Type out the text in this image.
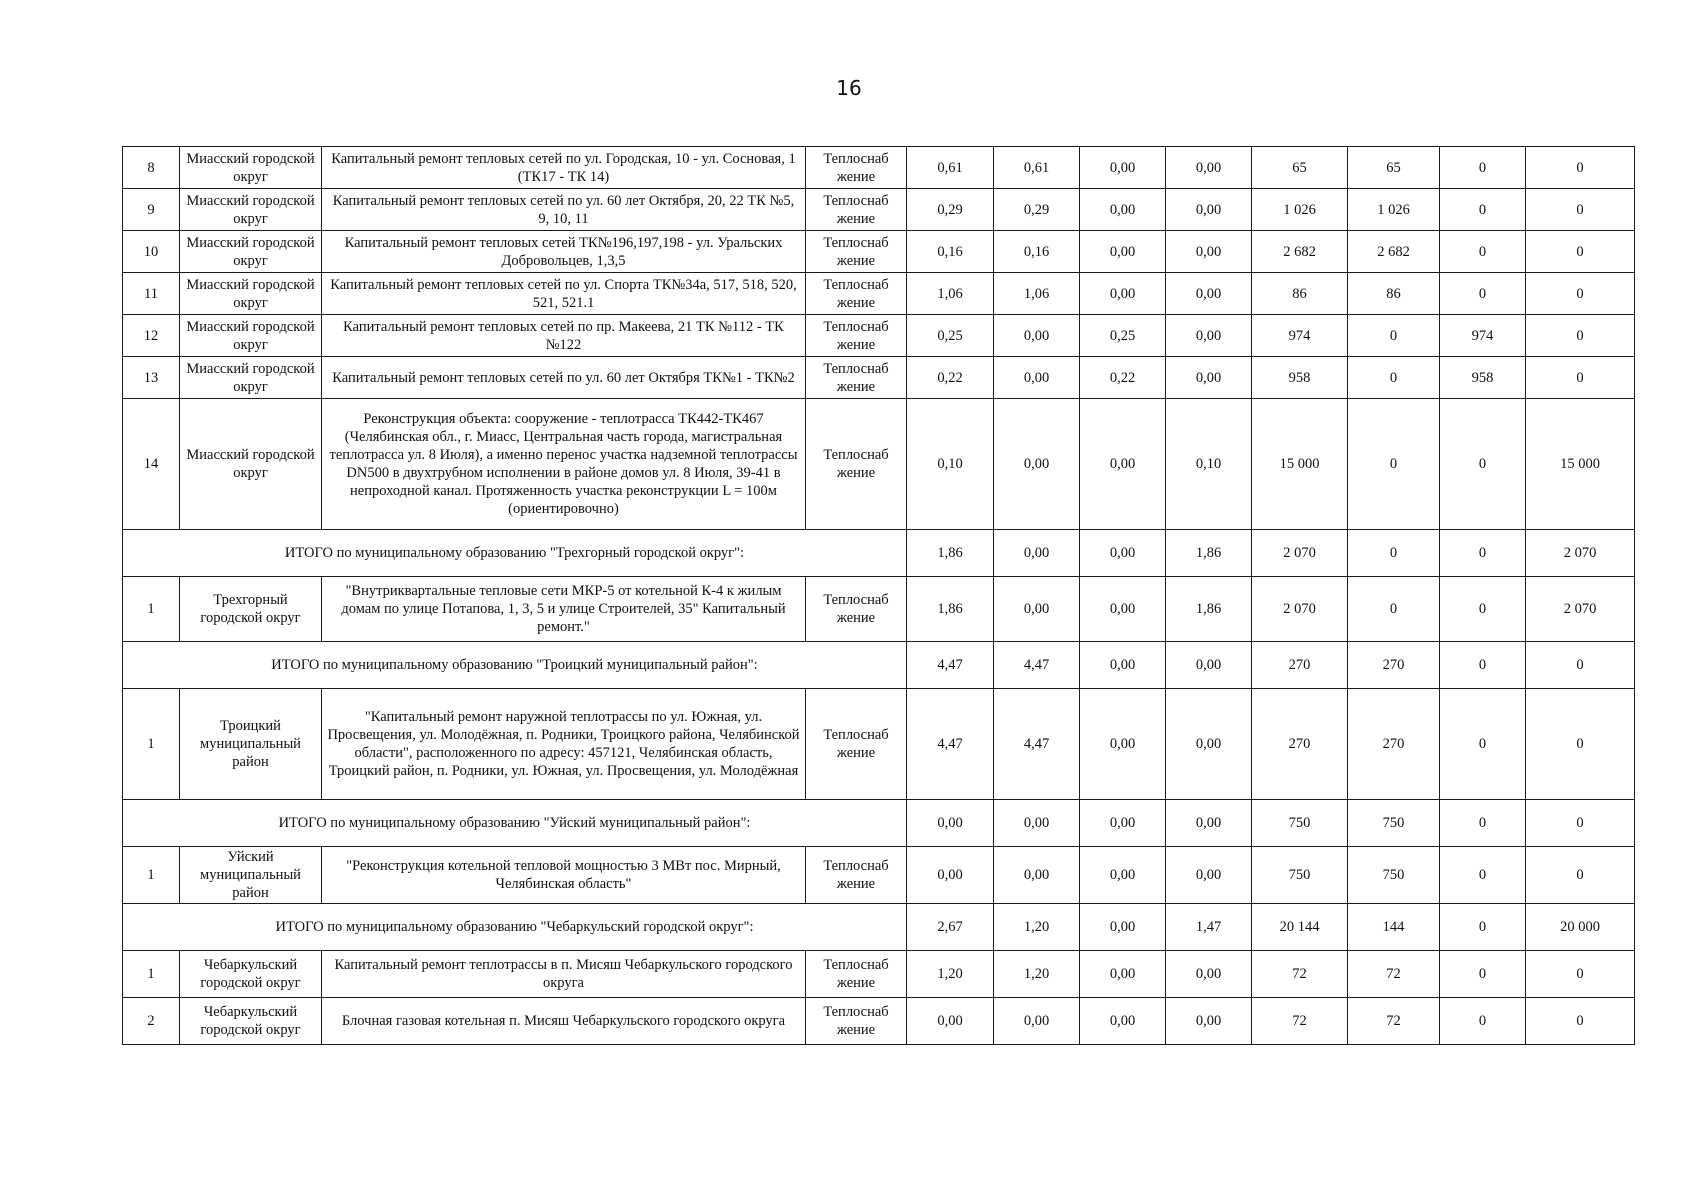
16
8	Миасский городской округ	Капитальный ремонт тепловых сетей по ул. Городская, 10 - ул. Сосновая, 1 (ТК17 - ТК 14)	Теплоснаб жение	0,61	0,61	0,00	0,00	65	65	0	0
9	Миасский городской округ	Капитальный ремонт тепловых сетей по ул. 60 лет Октября, 20, 22 ТК №5, 9, 10, 11	Теплоснаб жение	0,29	0,29	0,00	0,00	1 026	1 026	0	0
10	Миасский городской округ	Капитальный ремонт тепловых сетей ТК№196,197,198 - ул. Уральских Добровольцев, 1,3,5	Теплоснаб жение	0,16	0,16	0,00	0,00	2 682	2 682	0	0
11	Миасский городской округ	Капитальный ремонт тепловых сетей по ул. Спорта ТК№34а, 517, 518, 520, 521, 521.1	Теплоснаб жение	1,06	1,06	0,00	0,00	86	86	0	0
12	Миасский городской округ	Капитальный ремонт тепловых сетей по пр. Макеева, 21 ТК №112 - ТК №122	Теплоснаб жение	0,25	0,00	0,25	0,00	974	0	974	0
13	Миасский городской округ	Капитальный ремонт тепловых сетей по ул. 60 лет Октября ТК№1 - ТК№2	Теплоснаб жение	0,22	0,00	0,22	0,00	958	0	958	0
14	Миасский городской округ	Реконструкция объекта: сооружение - теплотрасса ТК442-ТК467 (Челябинская обл., г. Миасс, Центральная часть города, магистральная теплотрасса ул. 8 Июля), а именно перенос участка надземной теплотрассы DN500 в двухтрубном исполнении в районе домов ул. 8 Июля, 39-41 в непроходной канал. Протяженность участка реконструкции L = 100м (ориентировочно)	Теплоснаб жение	0,10	0,00	0,00	0,10	15 000	0	0	15 000
ИТОГО по муниципальному образованию "Трехгорный городской округ":				1,86	0,00	0,00	1,86	2 070	0	0	2 070
1	Трехгорный городской округ	"Внутриквартальные тепловые сети МКР-5 от котельной К-4 к жилым домам по улице Потапова, 1, 3, 5 и улице Строителей, 35" Капитальный ремонт."	Теплоснаб жение	1,86	0,00	0,00	1,86	2 070	0	0	2 070
ИТОГО по муниципальному образованию "Троицкий муниципальный район":				4,47	4,47	0,00	0,00	270	270	0	0
1	Троицкий муниципальный район	"Капитальный ремонт наружной теплотрассы по ул. Южная, ул. Просвещения, ул. Молодёжная, п. Родники, Троицкого района, Челябинской области", расположенного по адресу: 457121, Челябинская область, Троицкий район, п. Родники, ул. Южная, ул. Просвещения, ул. Молодёжная	Теплоснаб жение	4,47	4,47	0,00	0,00	270	270	0	0
ИТОГО по муниципальному образованию "Уйский муниципальный район":				0,00	0,00	0,00	0,00	750	750	0	0
1	Уйский муниципальный район	"Реконструкция котельной тепловой мощностью 3 МВт пос. Мирный, Челябинская область"	Теплоснаб жение	0,00	0,00	0,00	0,00	750	750	0	0
ИТОГО по муниципальному образованию "Чебаркульский городской округ":				2,67	1,20	0,00	1,47	20 144	144	0	20 000
1	Чебаркульский городской округ	Капитальный ремонт теплотрассы в п. Мисяш Чебаркульского городского округа	Теплоснаб жение	1,20	1,20	0,00	0,00	72	72	0	0
2	Чебаркульский городской округ	Блочная газовая котельная п. Мисяш Чебаркульского городского округа	Теплоснаб жение	0,00	0,00	0,00	0,00	72	72	0	0
